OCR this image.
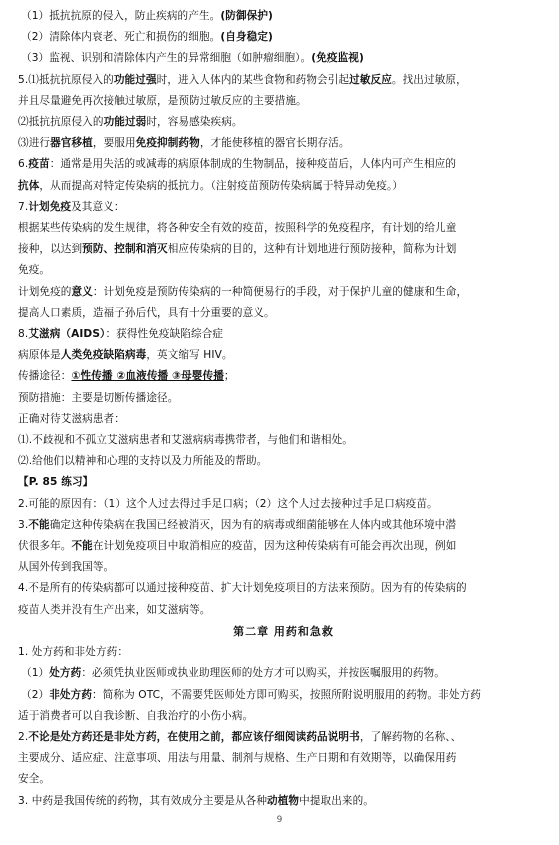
（1）抵抗抗原的侵入，防止疾病的产生。(防御保护)
（2）清除体内衰老、死亡和损伤的细胞。(自身稳定)
（3）监视、识别和清除体内产生的异常细胞（如肿瘤细胞）。(免疫监视)
5.⑴抵抗抗原侵入的功能过强时，进入人体内的某些食物和药物会引起过敏反应。找出过敏原，
并且尽量避免再次接触过敏原，是预防过敏反应的主要措施。
⑵抵抗抗原侵入的功能过弱时，容易感染疾病。
⑶进行器官移植，要服用免疫抑制药物，才能使移植的器官长期存活。
6.疫苗：通常是用失活的或减毒的病原体制成的生物制品，接种疫苗后，人体内可产生相应的
抗体，从而提高对特定传染病的抵抗力。（注射疫苗预防传染病属于特异动免疫。）
7.计划免疫及其意义：
根据某些传染病的发生规律，将各种安全有效的疫苗，按照科学的免疫程序，有计划的给儿童
接种，以达到预防、控制和消灭相应传染病的目的，这种有计划地进行预防接种，简称为计划
免疫。
计划免疫的意义：计划免疫是预防传染病的一种简便易行的手段，对于保护儿童的健康和生命，
提高人口素质，造福子孙后代，具有十分重要的意义。
8.艾滋病（AIDS）：获得性免疫缺陷综合症
病原体是人类免疫缺陷病毒，英文缩写 HIV。
传播途径：①性传播 ②血液传播 ③母婴传播；
预防措施：主要是切断传播途径。
正确对待艾滋病患者：
⑴.不歧视和不孤立艾滋病患者和艾滋病病毒携带者，与他们和谐相处。
⑵.给他们以精神和心理的支持以及力所能及的帮助。
【P. 85 练习】
2.可能的原因有：（1）这个人过去得过手足口病；（2）这个人过去接种过手足口病疫苗。
3.不能确定这种传染病在我国已经被消灭，因为有的病毒或细菌能够在人体内或其他环境中潜
伏很多年。不能在计划免疫项目中取消相应的疫苗，因为这种传染病有可能会再次出现，例如
从国外传到我国等。
4.不是所有的传染病都可以通过接种疫苗、扩大计划免疫项目的方法来预防。因为有的传染病的
疫苗人类并没有生产出来，如艾滋病等。
第二章 用药和急救
1. 处方药和非处方药：
（1）处方药：必须凭执业医师或执业助理医师的处方才可以购买，并按医嘱服用的药物。
（2）非处方药：简称为 OTC，不需要凭医师处方即可购买，按照所附说明服用的药物。非处方药
适于消费者可以自我诊断、自我治疗的小伤小病。
2.不论是处方药还是非处方药，在使用之前，都应该仔细阅读药品说明书，了解药物的名称、、
主要成分、适应症、注意事项、用法与用量、制剂与规格、生产日期和有效期等，以确保用药
安全。
3. 中药是我国传统的药物，其有效成分主要是从各种动植物中提取出来的。
9
